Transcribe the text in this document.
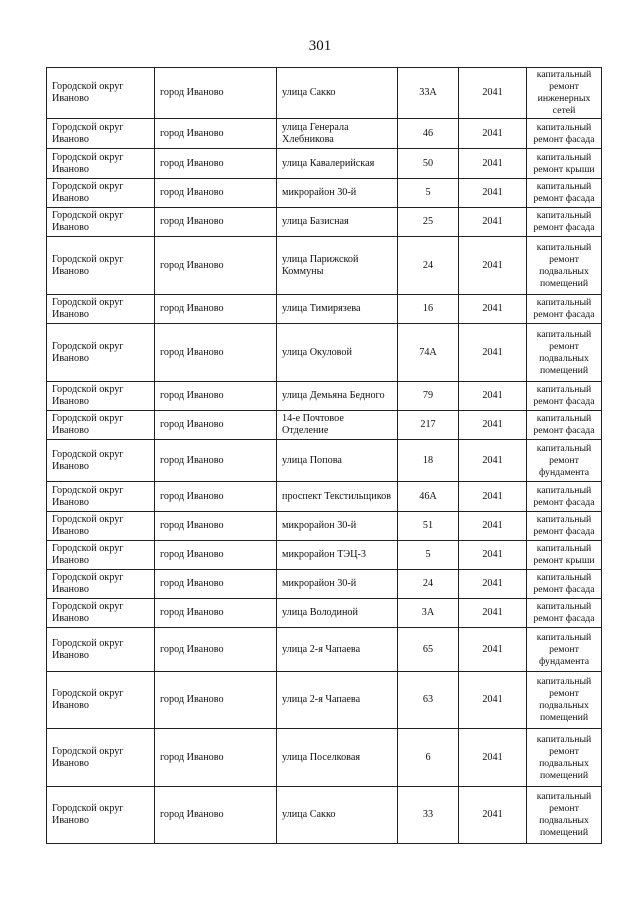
301
Городской округ Иваново	город Иваново	улица Сакко	33А	2041	капитальный ремонт инженерных сетей
Городской округ Иваново	город Иваново	улица Генерала Хлебникова	46	2041	капитальный ремонт фасада
Городской округ Иваново	город Иваново	улица Кавалерийская	50	2041	капитальный ремонт крыши
Городской округ Иваново	город Иваново	микрорайон 30-й	5	2041	капитальный ремонт фасада
Городской округ Иваново	город Иваново	улица Базисная	25	2041	капитальный ремонт фасада
Городской округ Иваново	город Иваново	улица Парижской Коммуны	24	2041	капитальный ремонт подвальных помещений
Городской округ Иваново	город Иваново	улица Тимирязева	16	2041	капитальный ремонт фасада
Городской округ Иваново	город Иваново	улица Окуловой	74А	2041	капитальный ремонт подвальных помещений
Городской округ Иваново	город Иваново	улица Демьяна Бедного	79	2041	капитальный ремонт фасада
Городской округ Иваново	город Иваново	14-е Почтовое Отделение	217	2041	капитальный ремонт фасада
Городской округ Иваново	город Иваново	улица Попова	18	2041	капитальный ремонт фундамента
Городской округ Иваново	город Иваново	проспект Текстильщиков	46А	2041	капитальный ремонт фасада
Городской округ Иваново	город Иваново	микрорайон 30-й	51	2041	капитальный ремонт фасада
Городской округ Иваново	город Иваново	микрорайон ТЭЦ-3	5	2041	капитальный ремонт крыши
Городской округ Иваново	город Иваново	микрорайон 30-й	24	2041	капитальный ремонт фасада
Городской округ Иваново	город Иваново	улица Володиной	3А	2041	капитальный ремонт фасада
Городской округ Иваново	город Иваново	улица 2-я Чапаева	65	2041	капитальный ремонт фундамента
Городской округ Иваново	город Иваново	улица 2-я Чапаева	63	2041	капитальный ремонт подвальных помещений
Городской округ Иваново	город Иваново	улица Поселковая	6	2041	капитальный ремонт подвальных помещений
Городской округ Иваново	город Иваново	улица Сакко	33	2041	капитальный ремонт подвальных помещений
